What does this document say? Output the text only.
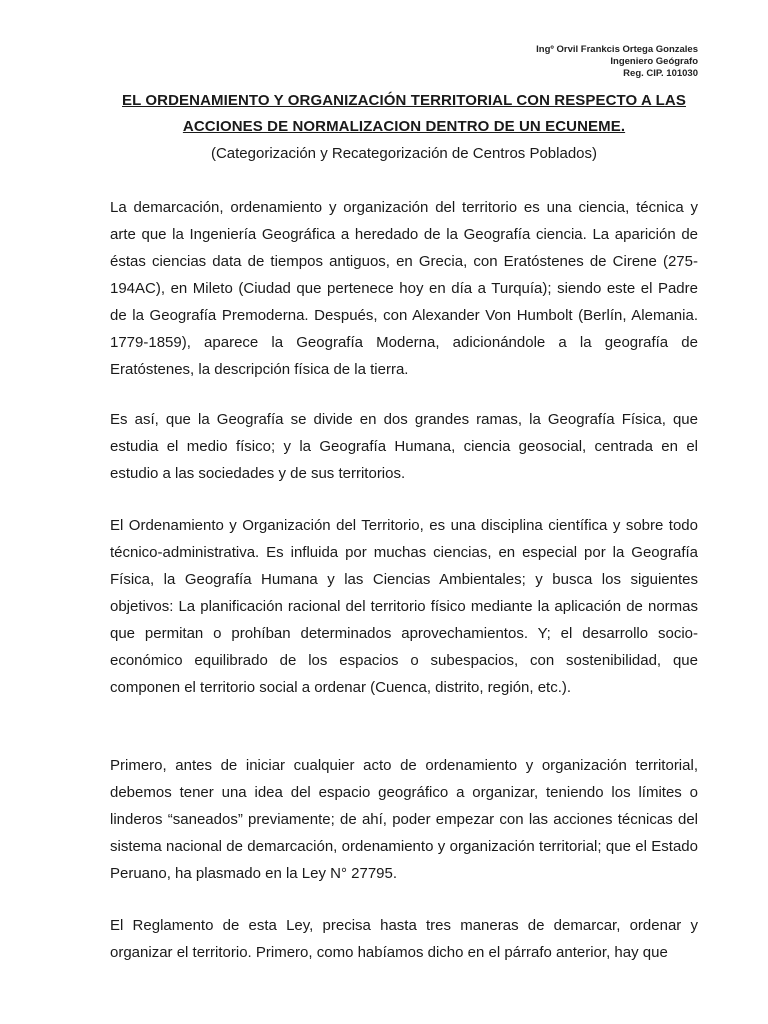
Ingº Orvil Frankcis Ortega Gonzales
Ingeniero Geógrafo
Reg. CIP. 101030
EL ORDENAMIENTO Y ORGANIZACIÓN TERRITORIAL CON RESPECTO A LAS
ACCIONES DE NORMALIZACION DENTRO DE UN ECUNEME.
(Categorización y Recategorización de Centros Poblados)

La demarcación, ordenamiento y organización del territorio es una ciencia, técnica y arte que la Ingeniería Geográfica a heredado de la Geografía ciencia. La aparición de éstas ciencias data de tiempos antiguos, en Grecia, con Eratóstenes de Cirene (275-194AC), en Mileto (Ciudad que pertenece hoy en día a Turquía); siendo este el Padre de la Geografía Premoderna. Después, con Alexander Von Humbolt (Berlín, Alemania. 1779-1859), aparece la Geografía Moderna, adicionándole a la geografía de Eratóstenes, la descripción física de la tierra.

Es así, que la Geografía se divide en dos grandes ramas, la Geografía Física, que estudia el medio físico; y la Geografía Humana, ciencia geosocial, centrada en el estudio a las sociedades y de sus territorios.

El Ordenamiento y Organización del Territorio, es una disciplina científica y sobre todo técnico-administrativa. Es influida por muchas ciencias, en especial por la Geografía Física, la Geografía Humana y las Ciencias Ambientales; y busca los siguientes objetivos: La planificación racional del territorio físico mediante la aplicación de normas que permitan o prohíban determinados aprovechamientos. Y; el desarrollo socio-económico equilibrado de los espacios o subespacios, con sostenibilidad, que componen el territorio social a ordenar (Cuenca, distrito, región, etc.).

Primero, antes de iniciar cualquier acto de ordenamiento y organización territorial, debemos tener una idea del espacio geográfico a organizar, teniendo los límites o linderos “saneados” previamente; de ahí, poder empezar con las acciones técnicas del sistema nacional de demarcación, ordenamiento y organización territorial; que el Estado Peruano, ha plasmado en la Ley N° 27795.

El Reglamento de esta Ley, precisa hasta tres maneras de demarcar, ordenar y organizar el territorio. Primero, como habíamos dicho en el párrafo anterior, hay que
